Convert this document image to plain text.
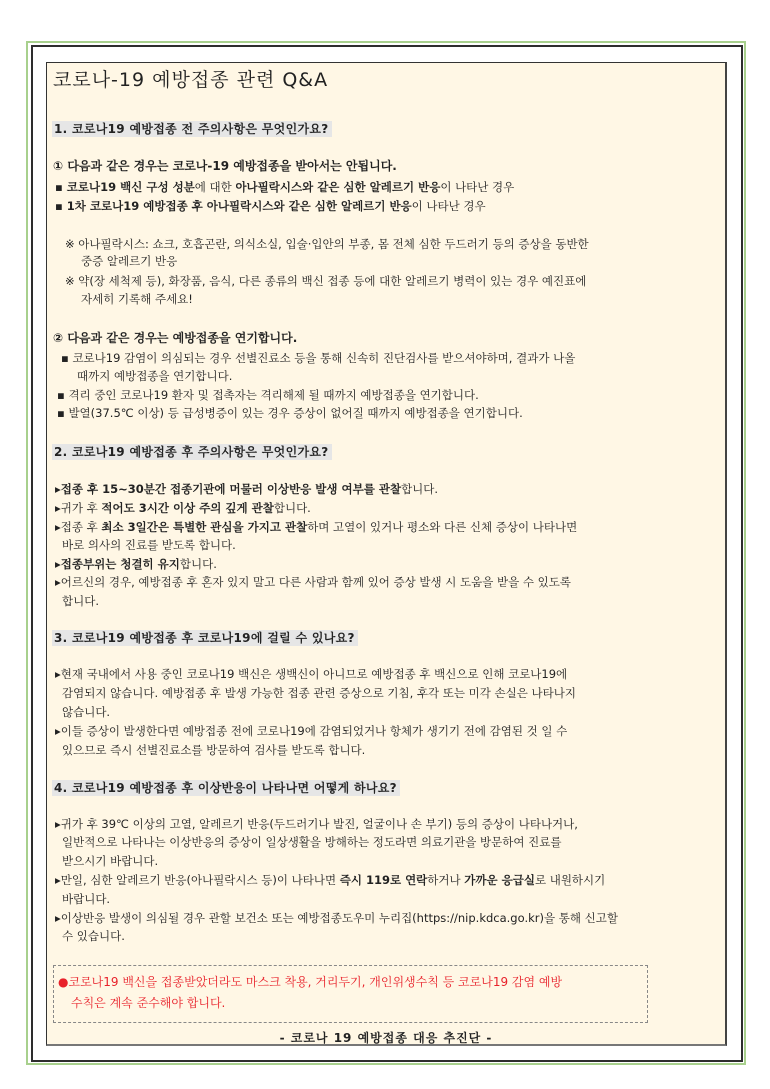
코로나-19 예방접종 관련 Q&A
1. 코로나19 예방접종 전 주의사항은 무엇인가요?
① 다음과 같은 경우는 코로나-19 예방접종을 받아서는 안됩니다.
▪ 코로나19 백신 구성 성분에 대한 아나필락시스와 같은 심한 알레르기 반응이 나타난 경우
▪ 1차 코로나19 예방접종 후 아나필락시스와 같은 심한 알레르기 반응이 나타난 경우
※ 아나필락시스: 쇼크, 호흡곤란, 의식소실, 입술·입안의 부종, 몸 전체 심한 두드러기 등의 증상을 동반한
중증 알레르기 반응
※ 약(장 세척제 등), 화장품, 음식, 다른 종류의 백신 접종 등에 대한 알레르기 병력이 있는 경우 예진표에
자세히 기록해 주세요!
② 다음과 같은 경우는 예방접종을 연기합니다.
▪ 코로나19 감염이 의심되는 경우 선별진료소 등을 통해 신속히 진단검사를 받으셔야하며, 결과가 나올
때까지 예방접종을 연기합니다.
▪ 격리 중인 코로나19 환자 및 접촉자는 격리해제 될 때까지 예방접종을 연기합니다.
▪ 발열(37.5℃ 이상) 등 급성병증이 있는 경우 증상이 없어질 때까지 예방접종을 연기합니다.
2. 코로나19 예방접종 후 주의사항은 무엇인가요?
▸접종 후 15~30분간 접종기관에 머물러 이상반응 발생 여부를 관찰합니다.
▸귀가 후 적어도 3시간 이상 주의 깊게 관찰합니다.
▸접종 후 최소 3일간은 특별한 관심을 가지고 관찰하며 고열이 있거나 평소와 다른 신체 증상이 나타나면
바로 의사의 진료를 받도록 합니다.
▸접종부위는 청결히 유지합니다.
▸어르신의 경우, 예방접종 후 혼자 있지 말고 다른 사람과 함께 있어 증상 발생 시 도움을 받을 수 있도록
합니다.
3. 코로나19 예방접종 후 코로나19에 걸릴 수 있나요?
▸현재 국내에서 사용 중인 코로나19 백신은 생백신이 아니므로 예방접종 후 백신으로 인해 코로나19에
감염되지 않습니다. 예방접종 후 발생 가능한 접종 관련 증상으로 기침, 후각 또는 미각 손실은 나타나지
않습니다.
▸이들 증상이 발생한다면 예방접종 전에 코로나19에 감염되었거나 항체가 생기기 전에 감염된 것 일 수
있으므로 즉시 선별진료소를 방문하여 검사를 받도록 합니다.
4. 코로나19 예방접종 후 이상반응이 나타나면 어떻게 하나요?
▸귀가 후 39℃ 이상의 고열, 알레르기 반응(두드러기나 발진, 얼굴이나 손 부기) 등의 증상이 나타나거나,
일반적으로 나타나는 이상반응의 증상이 일상생활을 방해하는 정도라면 의료기관을 방문하여 진료를
받으시기 바랍니다.
▸만일, 심한 알레르기 반응(아나필락시스 등)이 나타나면 즉시 119로 연락하거나 가까운 응급실로 내원하시기
바랍니다.
▸이상반응 발생이 의심될 경우 관할 보건소 또는 예방접종도우미 누리집(https://nip.kdca.go.kr)을 통해 신고할
수 있습니다.
●코로나19 백신을 접종받았더라도 마스크 착용, 거리두기, 개인위생수칙 등 코로나19 감염 예방
수칙은 계속 준수해야 합니다.
- 코로나 19 예방접종 대응 추진단 -
